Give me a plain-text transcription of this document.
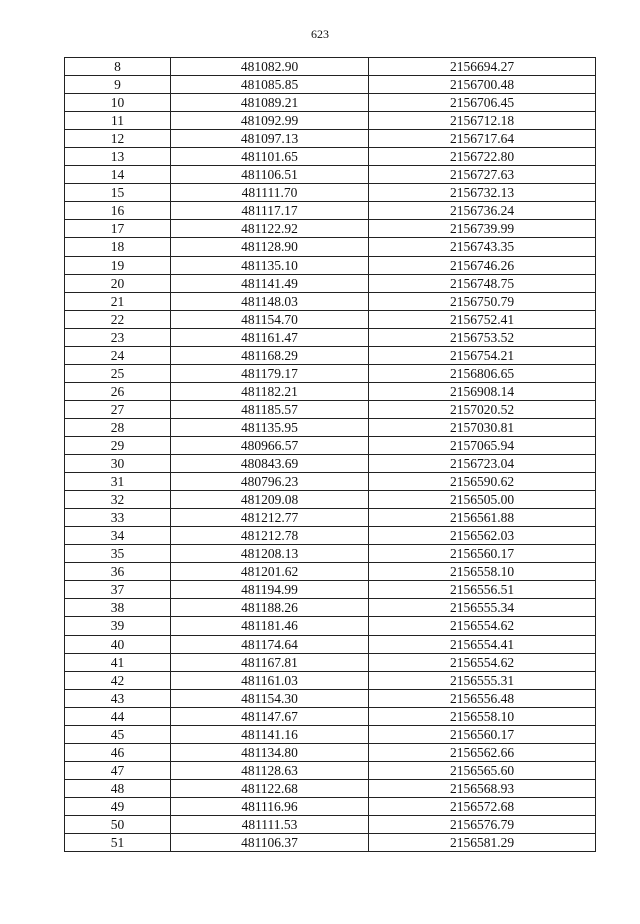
623
8	481082.90	2156694.27
9	481085.85	2156700.48
10	481089.21	2156706.45
11	481092.99	2156712.18
12	481097.13	2156717.64
13	481101.65	2156722.80
14	481106.51	2156727.63
15	481111.70	2156732.13
16	481117.17	2156736.24
17	481122.92	2156739.99
18	481128.90	2156743.35
19	481135.10	2156746.26
20	481141.49	2156748.75
21	481148.03	2156750.79
22	481154.70	2156752.41
23	481161.47	2156753.52
24	481168.29	2156754.21
25	481179.17	2156806.65
26	481182.21	2156908.14
27	481185.57	2157020.52
28	481135.95	2157030.81
29	480966.57	2157065.94
30	480843.69	2156723.04
31	480796.23	2156590.62
32	481209.08	2156505.00
33	481212.77	2156561.88
34	481212.78	2156562.03
35	481208.13	2156560.17
36	481201.62	2156558.10
37	481194.99	2156556.51
38	481188.26	2156555.34
39	481181.46	2156554.62
40	481174.64	2156554.41
41	481167.81	2156554.62
42	481161.03	2156555.31
43	481154.30	2156556.48
44	481147.67	2156558.10
45	481141.16	2156560.17
46	481134.80	2156562.66
47	481128.63	2156565.60
48	481122.68	2156568.93
49	481116.96	2156572.68
50	481111.53	2156576.79
51	481106.37	2156581.29
